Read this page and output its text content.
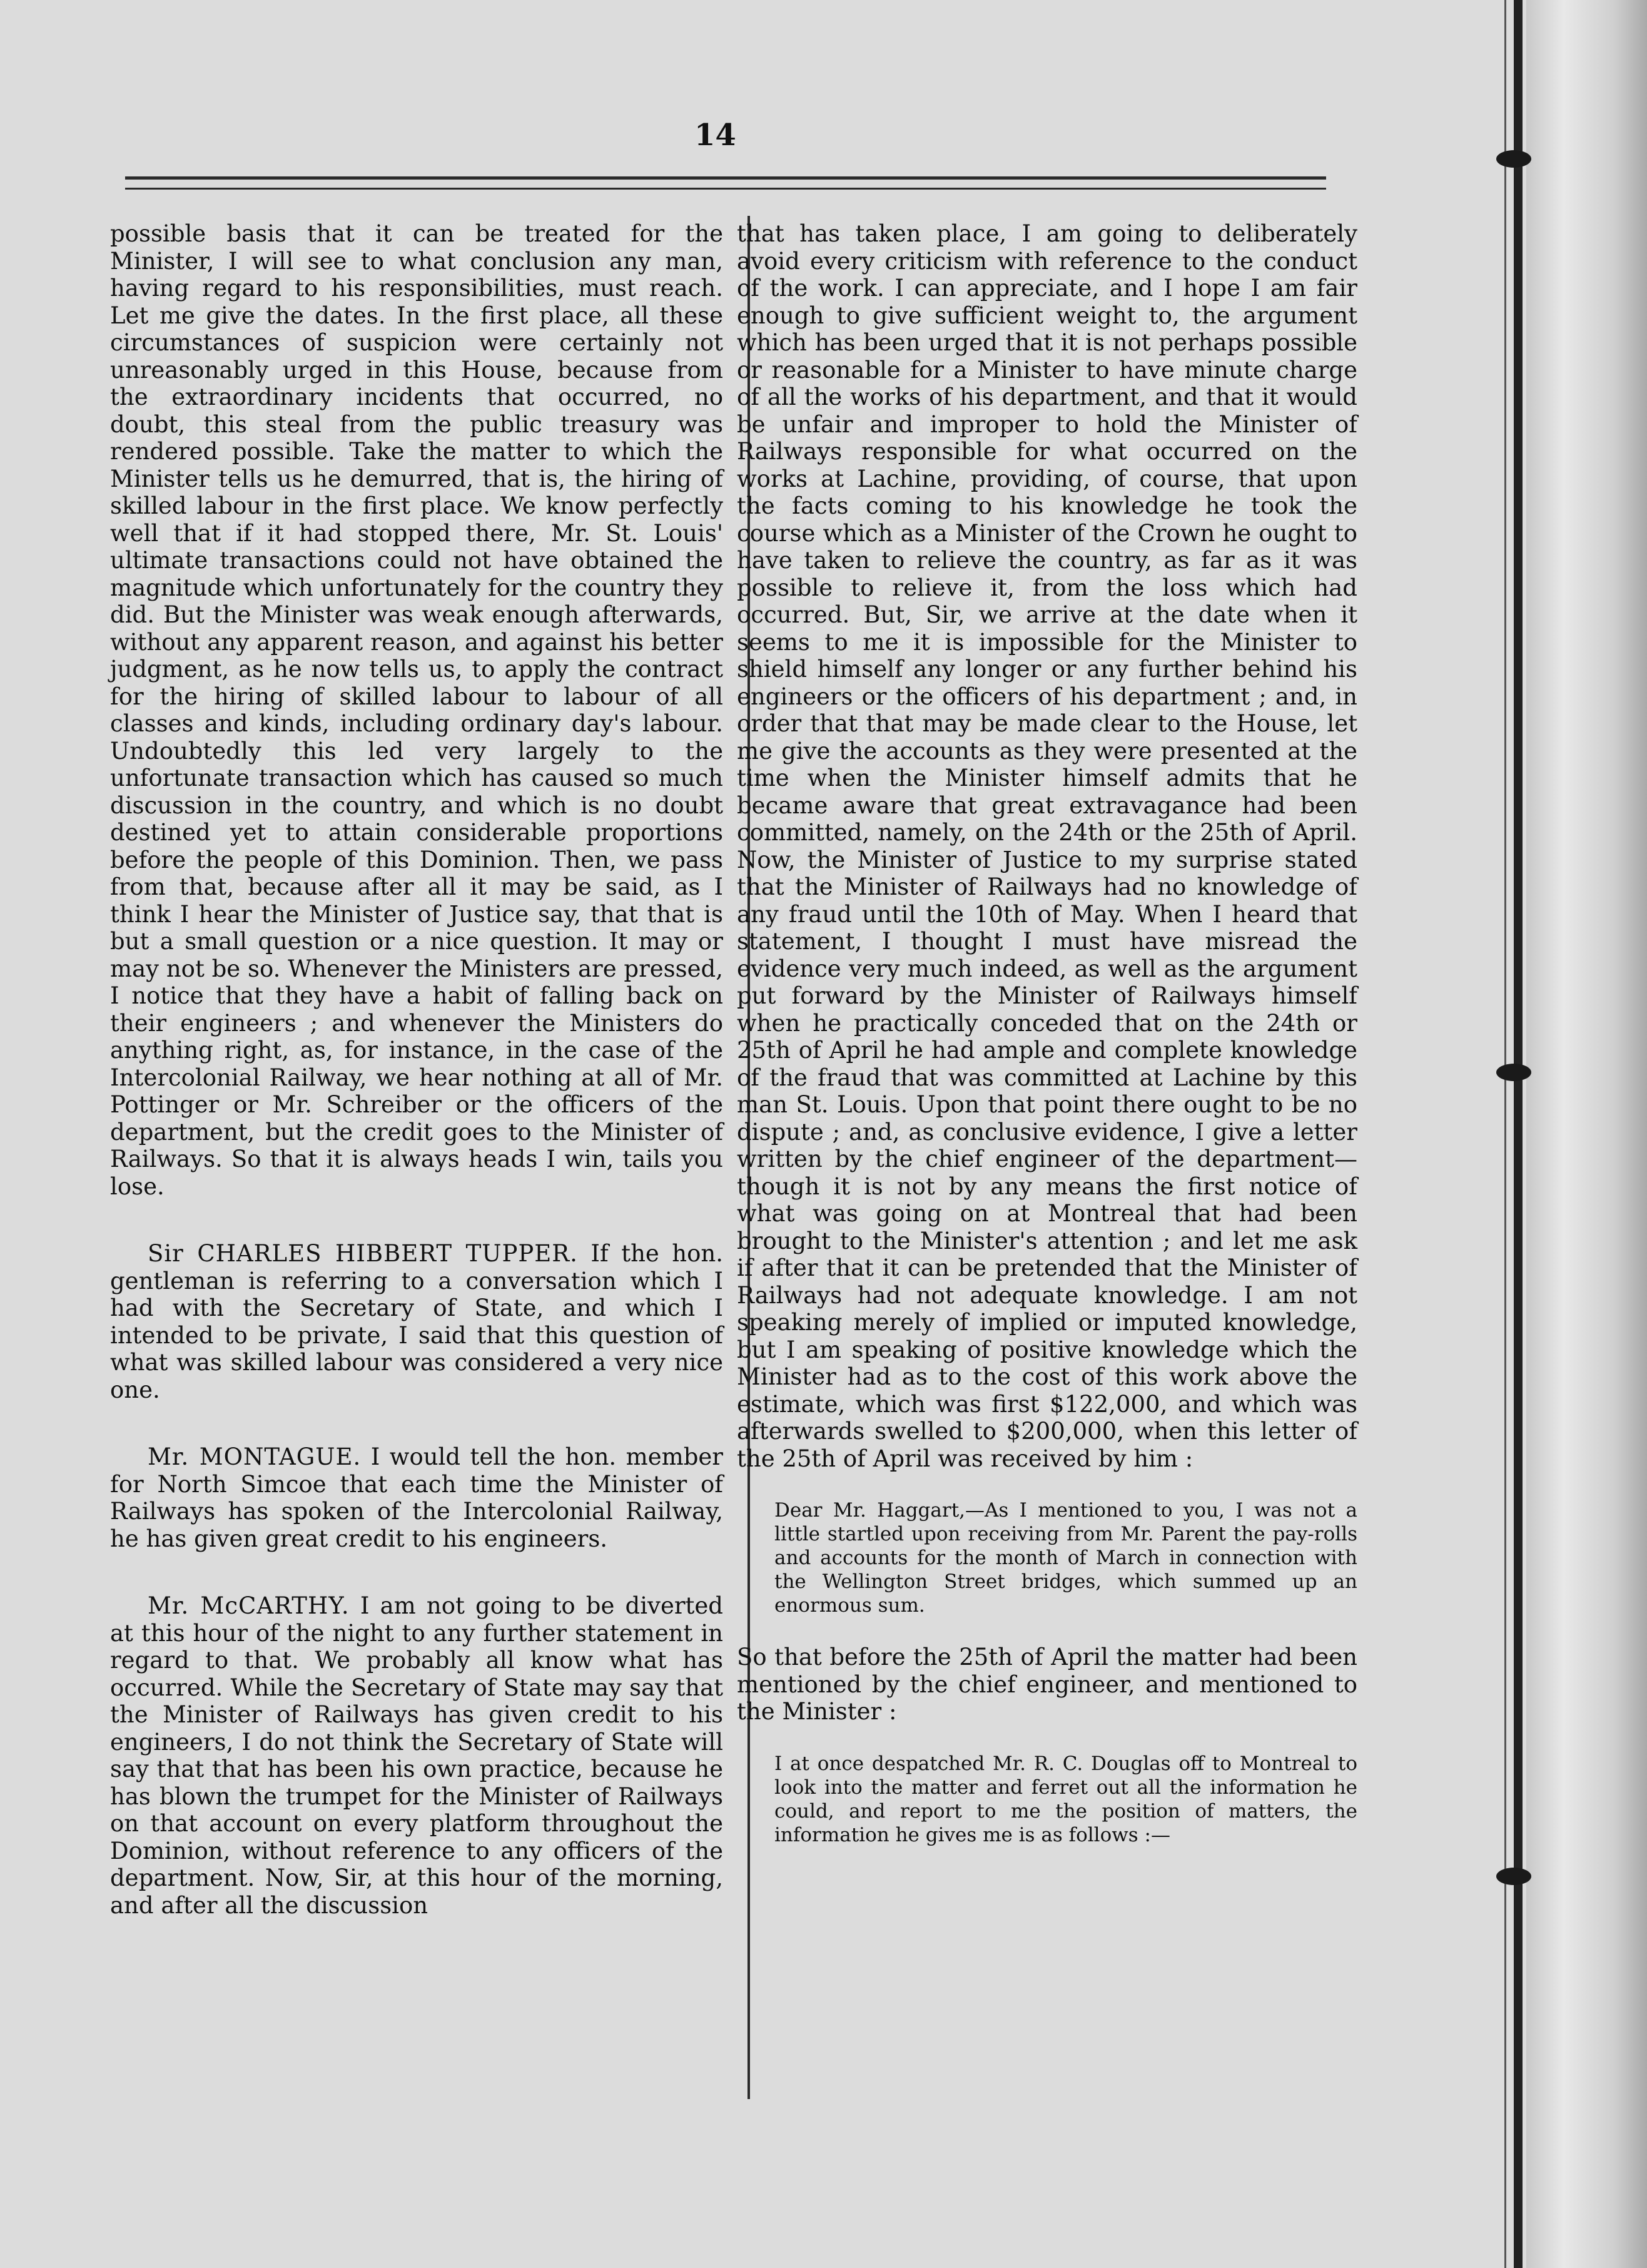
14

possible basis that it can be treated for the Minister, I will see to what conclusion any man, having regard to his responsibilities, must reach. Let me give the dates. In the first place, all these circumstances of suspicion were certainly not unreasonably urged in this House, because from the extraordinary incidents that occurred, no doubt, this steal from the public treasury was rendered possible. Take the matter to which the Minister tells us he demurred, that is, the hiring of skilled labour in the first place. We know perfectly well that if it had stopped there, Mr. St. Louis' ultimate transactions could not have obtained the magnitude which unfortunately for the country they did. But the Minister was weak enough afterwards, without any apparent reason, and against his better judgment, as he now tells us, to apply the contract for the hiring of skilled labour to labour of all classes and kinds, including ordinary day's labour. Undoubtedly this led very largely to the unfortunate transaction which has caused so much discussion in the country, and which is no doubt destined yet to attain considerable proportions before the people of this Dominion. Then, we pass from that, because after all it may be said, as I think I hear the Minister of Justice say, that that is but a small question or a nice question. It may or may not be so. Whenever the Ministers are pressed, I notice that they have a habit of falling back on their engineers ; and whenever the Ministers do anything right, as, for instance, in the case of the Intercolonial Railway, we hear nothing at all of Mr. Pottinger or Mr. Schreiber or the officers of the department, but the credit goes to the Minister of Railways. So that it is always heads I win, tails you lose.

Sir CHARLES HIBBERT TUPPER. If the hon. gentleman is referring to a conversation which I had with the Secretary of State, and which I intended to be private, I said that this question of what was skilled labour was considered a very nice one.

Mr. MONTAGUE. I would tell the hon. member for North Simcoe that each time the Minister of Railways has spoken of the Intercolonial Railway, he has given great credit to his engineers.

Mr. McCARTHY. I am not going to be diverted at this hour of the night to any further statement in regard to that. We probably all know what has occurred. While the Secretary of State may say that the Minister of Railways has given credit to his engineers, I do not think the Secretary of State will say that that has been his own practice, because he has blown the trumpet for the Minister of Railways on that account on every platform throughout the Dominion, without reference to any officers of the department. Now, Sir, at this hour of the morning, and after all the discussion

that has taken place, I am going to deliberately avoid every criticism with reference to the conduct of the work. I can appreciate, and I hope I am fair enough to give sufficient weight to, the argument which has been urged that it is not perhaps possible or reasonable for a Minister to have minute charge of all the works of his department, and that it would be unfair and improper to hold the Minister of Railways responsible for what occurred on the works at Lachine, providing, of course, that upon the facts coming to his knowledge he took the course which as a Minister of the Crown he ought to have taken to relieve the country, as far as it was possible to relieve it, from the loss which had occurred. But, Sir, we arrive at the date when it seems to me it is impossible for the Minister to shield himself any longer or any further behind his engineers or the officers of his department ; and, in order that that may be made clear to the House, let me give the accounts as they were presented at the time when the Minister himself admits that he became aware that great extravagance had been committed, namely, on the 24th or the 25th of April. Now, the Minister of Justice to my surprise stated that the Minister of Railways had no knowledge of any fraud until the 10th of May. When I heard that statement, I thought I must have misread the evidence very much indeed, as well as the argument put forward by the Minister of Railways himself when he practically conceded that on the 24th or 25th of April he had ample and complete knowledge of the fraud that was committed at Lachine by this man St. Louis. Upon that point there ought to be no dispute ; and, as conclusive evidence, I give a letter written by the chief engineer of the department—though it is not by any means the first notice of what was going on at Montreal that had been brought to the Minister's attention ; and let me ask if after that it can be pretended that the Minister of Railways had not adequate knowledge. I am not speaking merely of implied or imputed knowledge, but I am speaking of positive knowledge which the Minister had as to the cost of this work above the estimate, which was first $122,000, and which was afterwards swelled to $200,000, when this letter of the 25th of April was received by him :

Dear Mr. Haggart,—As I mentioned to you, I was not a little startled upon receiving from Mr. Parent the pay-rolls and accounts for the month of March in connection with the Wellington Street bridges, which summed up an enormous sum.

So that before the 25th of April the matter had been mentioned by the chief engineer, and mentioned to the Minister :

I at once despatched Mr. R. C. Douglas off to Montreal to look into the matter and ferret out all the information he could, and report to me the position of matters, the information he gives me is as follows :—
